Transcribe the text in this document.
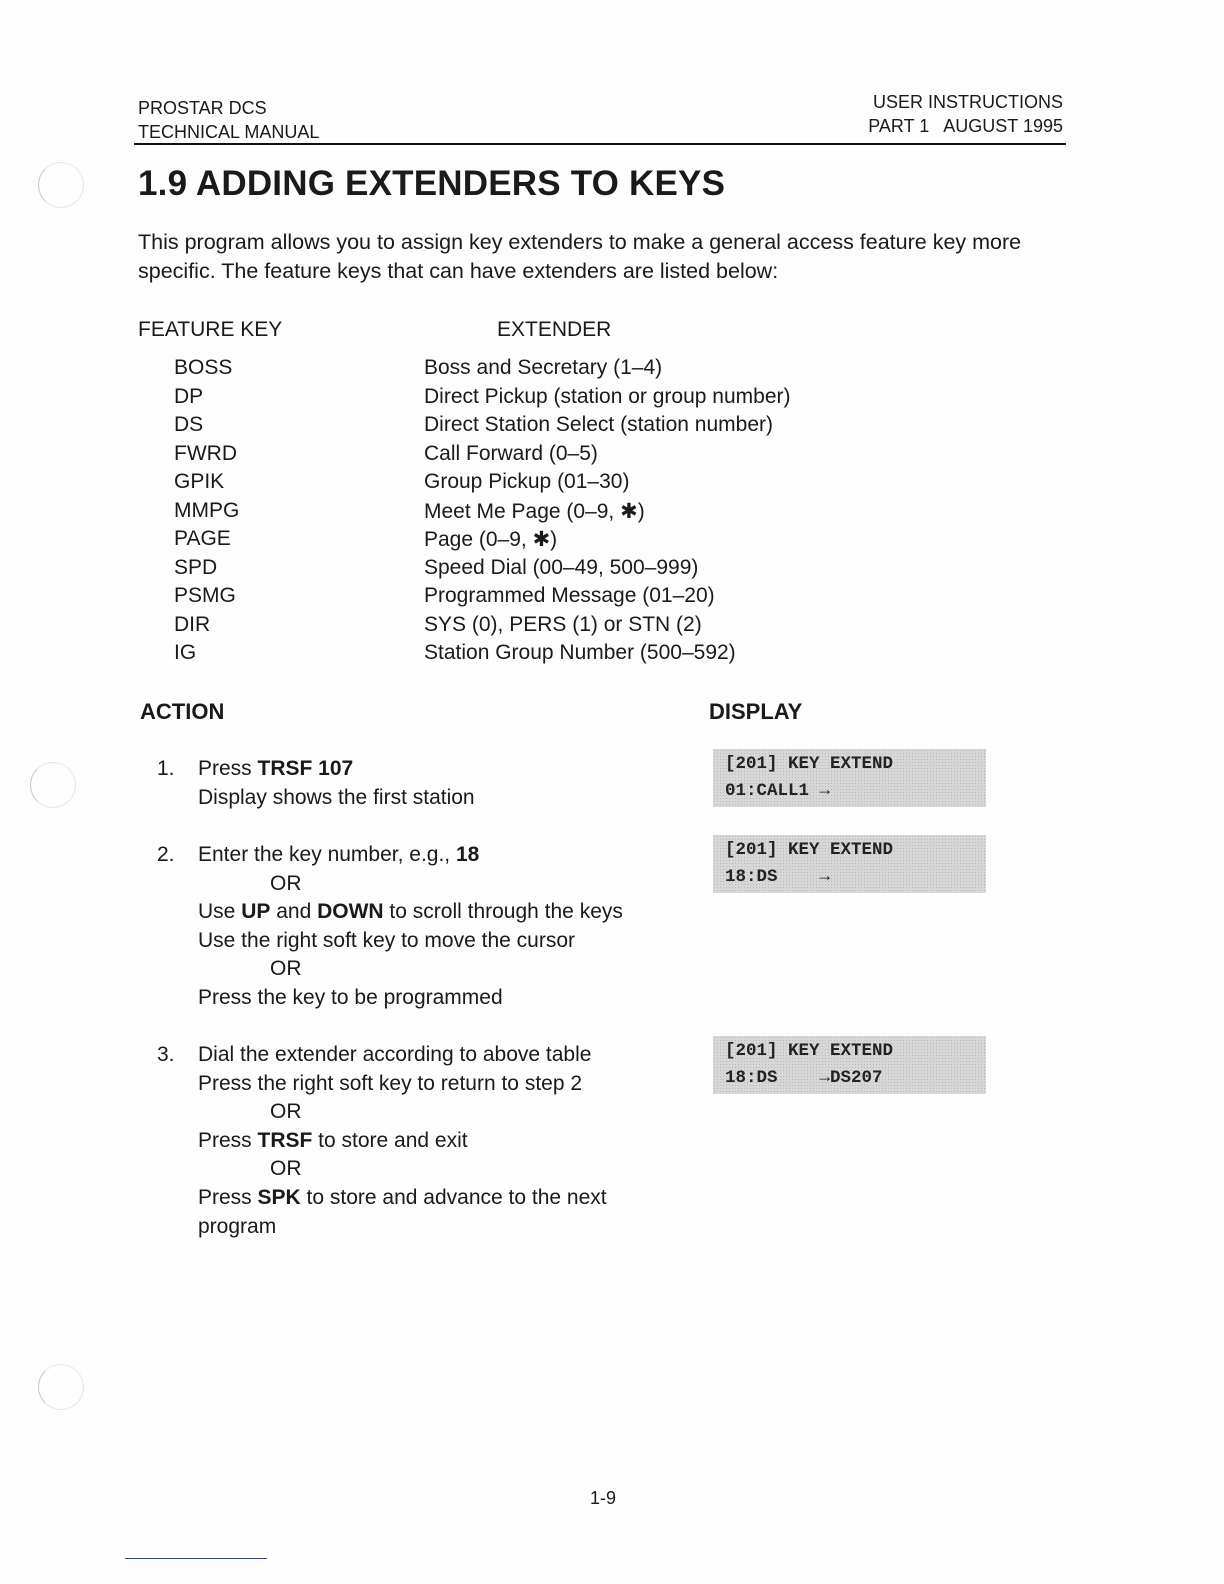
PROSTAR DCS
TECHNICAL MANUAL
USER INSTRUCTIONS
PART 1   AUGUST 1995
1.9 ADDING EXTENDERS TO KEYS

This program allows you to assign key extenders to make a general access feature key more specific. The feature keys that can have extenders are listed below:

FEATURE KEY	EXTENDER
BOSS	Boss and Secretary (1–4)
DP	Direct Pickup (station or group number)
DS	Direct Station Select (station number)
FWRD	Call Forward (0–5)
GPIK	Group Pickup (01–30)
MMPG	Meet Me Page (0–9, ✱)
PAGE	Page (0–9, ✱)
SPD	Speed Dial (00–49, 500–999)
PSMG	Programmed Message (01–20)
DIR	SYS (0), PERS (1) or STN (2)
IG	Station Group Number (500–592)
ACTION	DISPLAY
1. Press TRSF 107
Display shows the first station
2. Enter the key number, e.g., 18
OR
Use UP and DOWN to scroll through the keys
Use the right soft key to move the cursor
OR
Press the key to be programmed
3. Dial the extender according to above table
Press the right soft key to return to step 2
OR
Press TRSF to store and exit
OR
Press SPK to store and advance to the next
program
[201] KEY EXTEND
01:CALL1 →
[201] KEY EXTEND
18:DS    →
[201] KEY EXTEND
18:DS    →DS207
1-9
